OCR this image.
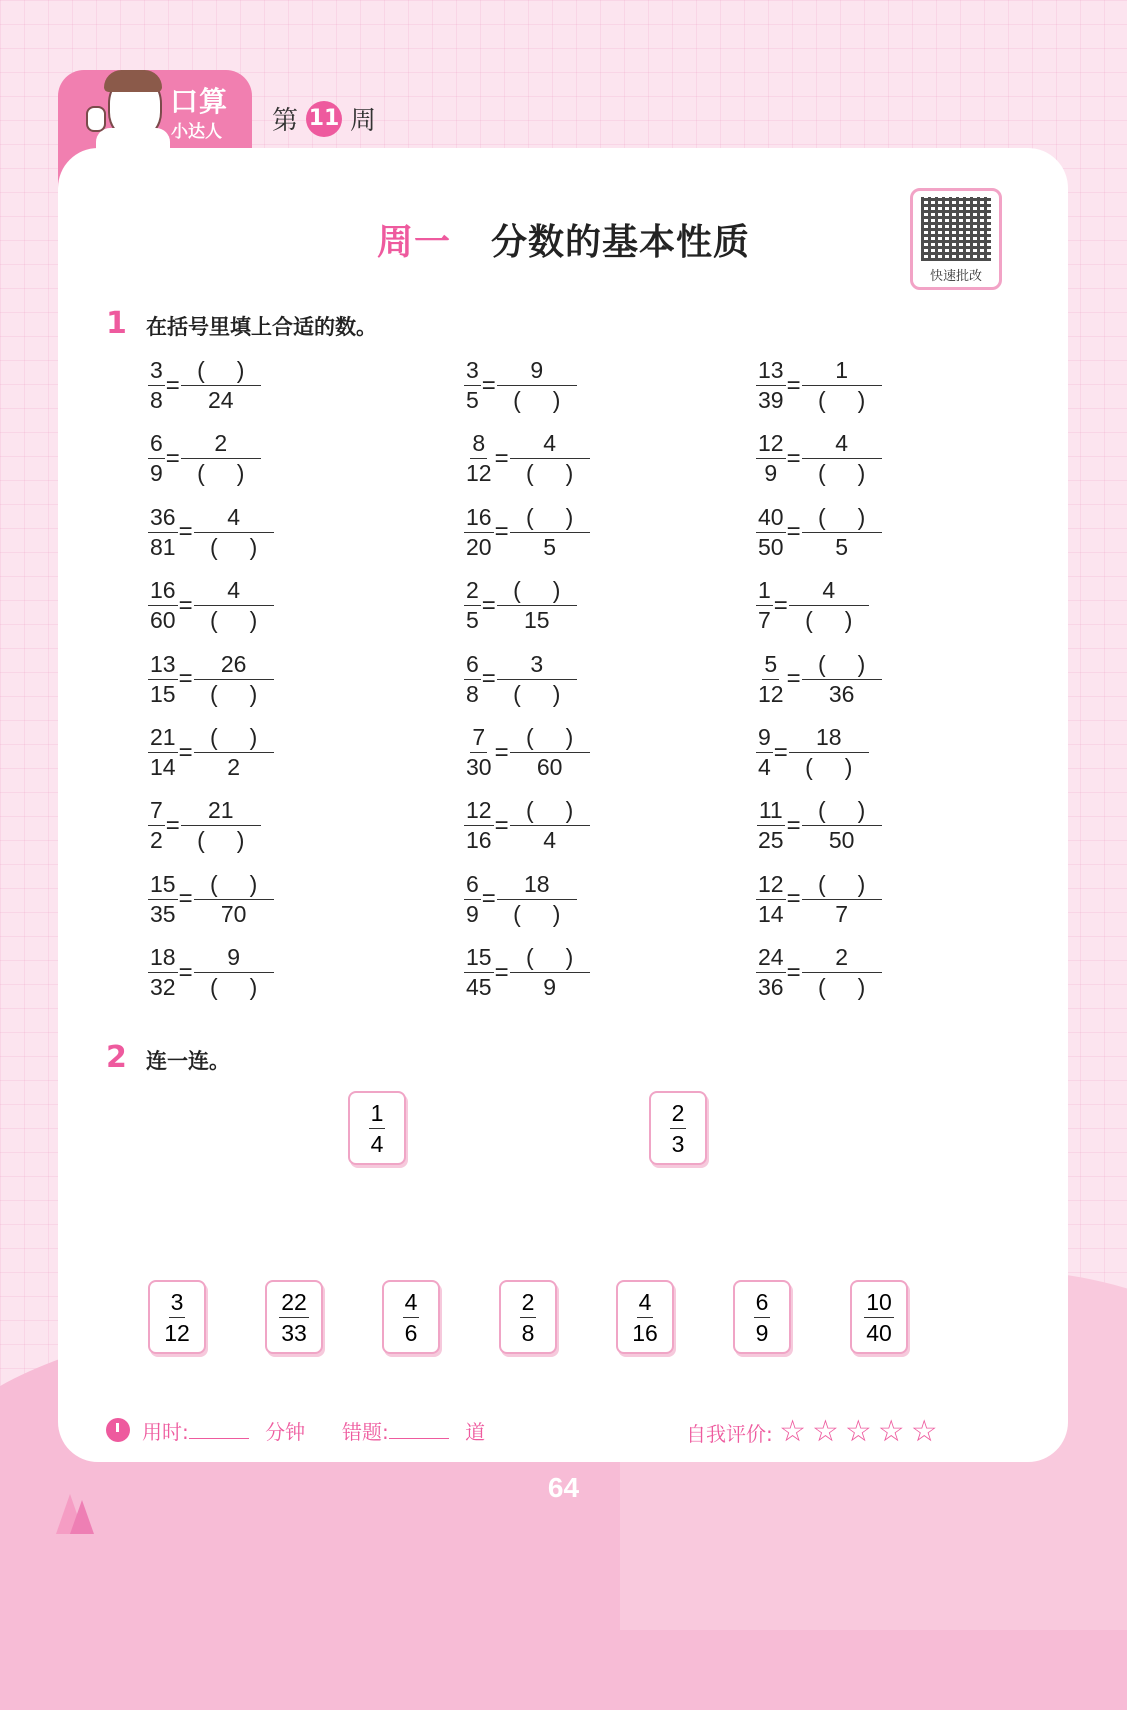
口算
小达人 第 11 周
周一 分数的基本性质
快速批改
1 在括号里填上合适的数。
$\frac{3}{8} = \frac{( )}{24}$
$\frac{6}{9} = \frac{2}{( )}$
$\frac{36}{81} = \frac{4}{( )}$
$\frac{16}{60} = \frac{4}{( )}$
$\frac{13}{15} = \frac{26}{( )}$
$\frac{21}{14} = \frac{( )}{2}$
$\frac{7}{2} = \frac{21}{( )}$
$\frac{15}{35} = \frac{( )}{70}$
$\frac{18}{32} = \frac{9}{( )}$
$\frac{3}{5} = \frac{9}{( )}$
$\frac{8}{12} = \frac{4}{( )}$
$\frac{16}{20} = \frac{( )}{5}$
$\frac{2}{5} = \frac{( )}{15}$
$\frac{6}{8} = \frac{3}{( )}$
$\frac{7}{30} = \frac{( )}{60}$
$\frac{12}{16} = \frac{( )}{4}$
$\frac{6}{9} = \frac{18}{( )}$
$\frac{15}{45} = \frac{( )}{9}$
$\frac{13}{39} = \frac{1}{( )}$
$\frac{12}{9} = \frac{4}{( )}$
$\frac{40}{50} = \frac{( )}{5}$
$\frac{1}{7} = \frac{4}{( )}$
$\frac{5}{12} = \frac{( )}{36}$
$\frac{9}{4} = \frac{18}{( )}$
$\frac{11}{25} = \frac{( )}{50}$
$\frac{12}{14} = \frac{( )}{7}$
$\frac{24}{36} = \frac{2}{( )}$
2 连一连。
$\frac{1}{4}$	$\frac{2}{3}$
$\frac{3}{12}$	$\frac{22}{33}$	$\frac{4}{6}$	$\frac{2}{8}$	$\frac{4}{16}$	$\frac{6}{9}$	$\frac{10}{40}$
用时:	分钟 错题:	道	自我评价: ☆☆☆☆☆
64
